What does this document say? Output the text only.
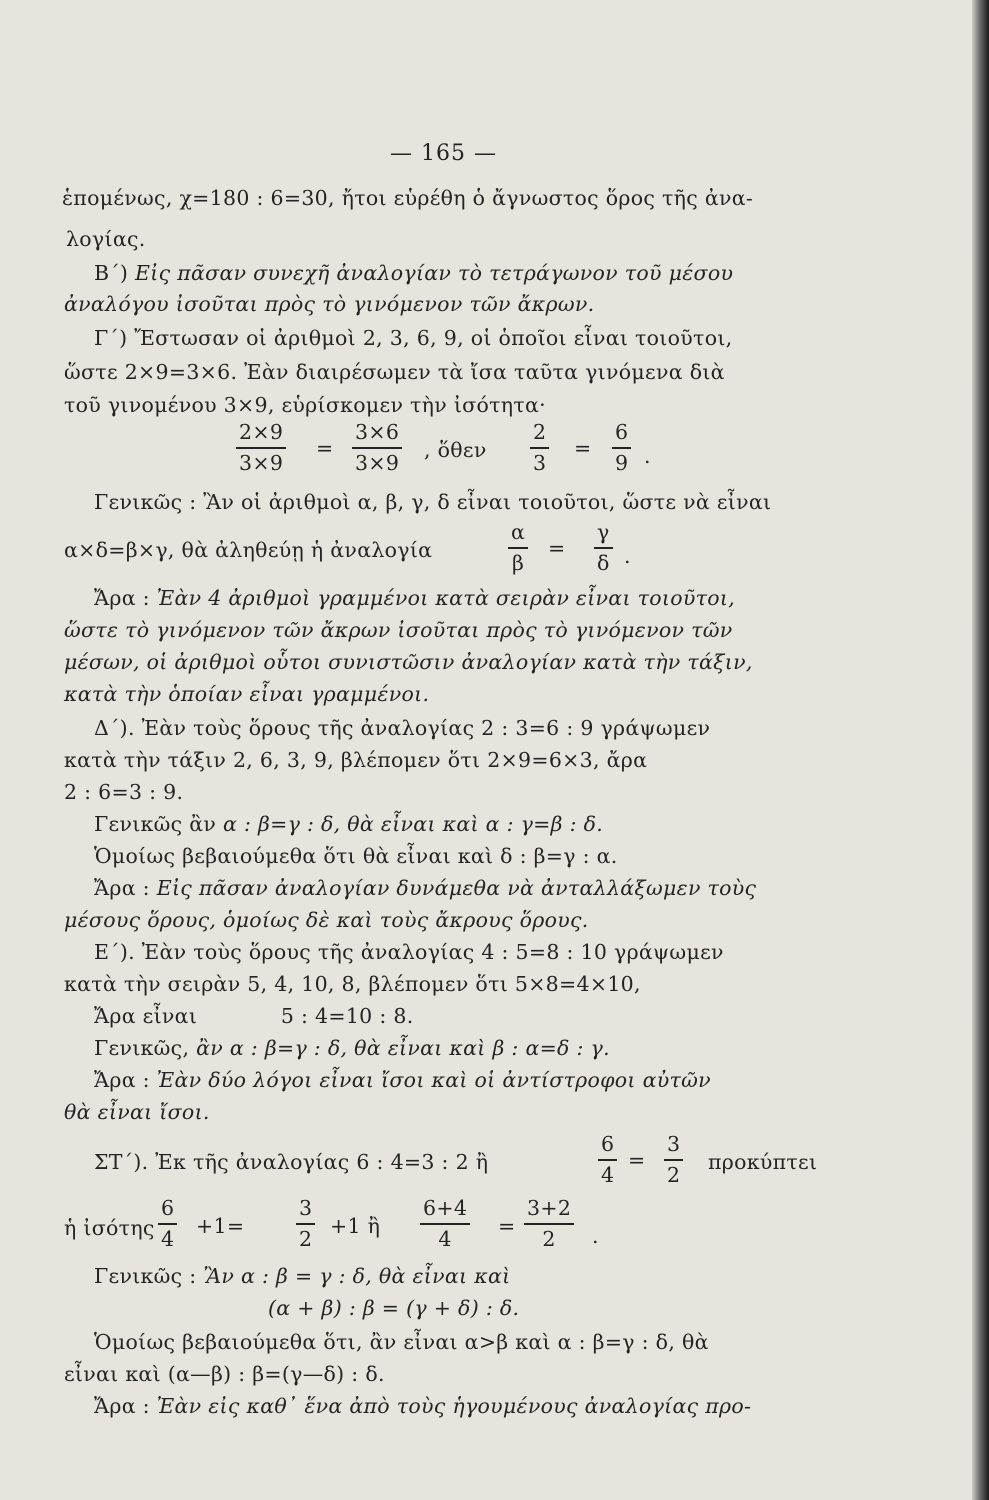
— 165 —
ἑπομένως, χ=180 : 6=30, ἤτοι εὑρέθη ὁ ἄγνωστος ὅρος τῆς ἀνα-
λογίας.
Β΄) Εἰς πᾶσαν συνεχῆ ἀναλογίαν τὸ τετράγωνον τοῦ μέσου
ἀναλόγου ἰσοῦται πρὸς τὸ γινόμενον τῶν ἄκρων.
Γ΄) Ἔστωσαν οἱ ἀριθμοὶ 2, 3, 6, 9, οἱ ὁποῖοι εἶναι τοιοῦτοι,
ὥστε 2×9=3×6. Ἐὰν διαιρέσωμεν τὰ ἴσα ταῦτα γινόμενα διὰ
τοῦ γινομένου 3×9, εὑρίσκομεν τὴν ἰσότητα·
$\frac{2\times 9}{3\times 9} = \frac{3\times 6}{3\times 9}$ , ὅθεν $\frac{2}{3} = \frac{6}{9}$ .
Γενικῶς : Ἂν οἱ ἀριθμοὶ α, β, γ, δ εἶναι τοιοῦτοι, ὥστε νὰ εἶναι
α×δ=β×γ, θὰ ἀληθεύῃ ἡ ἀναλογία	$\frac{\alpha}{\beta} = \frac{\gamma}{\delta}$ .
Ἄρα : Ἐὰν 4 ἀριθμοὶ γραμμένοι κατὰ σειρὰν εἶναι τοιοῦτοι,
ὥστε τὸ γινόμενον τῶν ἄκρων ἰσοῦται πρὸς τὸ γινόμενον τῶν
μέσων, οἱ ἀριθμοὶ οὗτοι συνιστῶσιν ἀναλογίαν κατὰ τὴν τάξιν,
κατὰ τὴν ὁποίαν εἶναι γραμμένοι.
Δ΄). Ἐὰν τοὺς ὅρους τῆς ἀναλογίας 2 : 3=6 : 9 γράψωμεν
κατὰ τὴν τάξιν 2, 6, 3, 9, βλέπομεν ὅτι 2×9=6×3, ἄρα
2 : 6=3 : 9.
Γενικῶς ἂν α : β=γ : δ, θὰ εἶναι καὶ α : γ=β : δ.
Ὁμοίως βεβαιούμεθα ὅτι θὰ εἶναι καὶ δ : β=γ : α.
Ἄρα : Εἰς πᾶσαν ἀναλογίαν δυνάμεθα νὰ ἀνταλλάξωμεν τοὺς
μέσους ὅρους, ὁμοίως δὲ καὶ τοὺς ἄκρους ὅρους.
Ε΄). Ἐὰν τοὺς ὅρους τῆς ἀναλογίας 4 : 5=8 : 10 γράψωμεν
κατὰ τὴν σειρὰν 5, 4, 10, 8, βλέπομεν ὅτι 5×8=4×10,
Ἄρα εἶναι	5 : 4=10 : 8.
Γενικῶς, ἂν α : β=γ : δ, θὰ εἶναι καὶ β : α=δ : γ.
Ἄρα : Ἐὰν δύο λόγοι εἶναι ἴσοι καὶ οἱ ἀντίστροφοι αὐτῶν
θὰ εἶναι ἴσοι.
ΣΤ΄). Ἐκ τῆς ἀναλογίας 6 : 4=3 : 2 ἢ	$\frac{6}{4} = \frac{3}{2}$ προκύπτει
ἡ ἰσότης $\frac{6}{4} +1=$	$\frac{3}{2} +1$ ἢ $\frac{6+4}{4} = \frac{3+2}{2}$ .
Γενικῶς : Ἂν α : β = γ : δ, θὰ εἶναι καὶ
(α + β) : β = (γ + δ) : δ.
Ὁμοίως βεβαιούμεθα ὅτι, ἂν εἶναι α>β καὶ α : β=γ : δ, θὰ
εἶναι καὶ (α—β) : β=(γ—δ) : δ.
Ἄρα : Ἐὰν εἰς καθ᾽ ἕνα ἀπὸ τοὺς ἡγουμένους ἀναλογίας προ-
